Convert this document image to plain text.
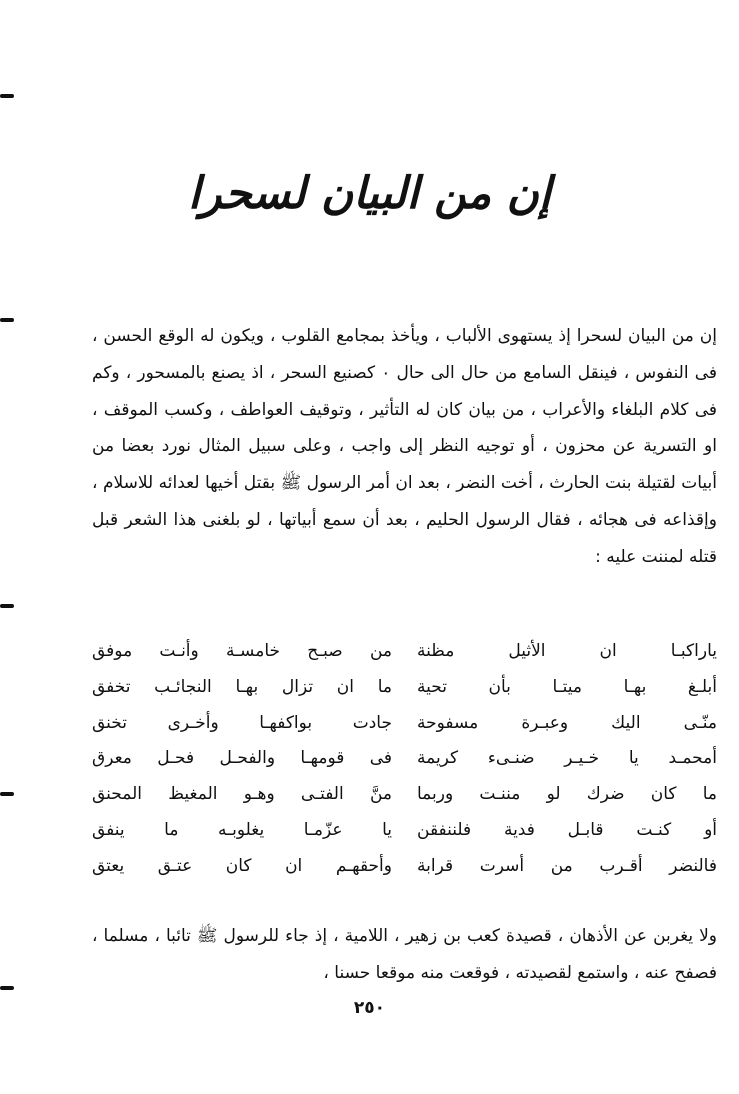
إن من البيان لسحرا
إن من البيان لسحرا إذ يستهوى الألباب ، ويأخذ بمجامع القلوب ، ويكون له الوقع الحسن ، فى النفوس ، فينقل السامع من حال الى حال ٠ كصنيع السحر ، اذ يصنع بالمسحور ، وكم فى كلام البلغاء والأعراب ، من بيان كان له التأثير ، وتوقيف العواطف ، وكسب الموقف ، او التسرية عن محزون ، أو توجيه النظر إلى واجب ، وعلى سبيل المثال نورد بعضا من أبيات لقتيلة بنت الحارث ، أخت النضر ، بعد ان أمر الرسول ﷺ بقتل أخيها لعدائه للاسلام ، وإقذاعه فى هجائه ، فقال الرسول الحليم ، بعد أن سمع أبياتها ، لو بلغنى هذا الشعر قبل قتله لمننت عليه :
ياراكبـا ان الأثيل مظنة
من صبـح خامسـة وأنـت موفق
أبلـغ بهـا ميتـا بأن تحية
ما ان تزال بهـا النجائـب تخفق
منّـى اليك وعبـرة مسفوحة
جادت بواكفهـا وأخـرى تخنق
أمحمـد يا خـيـر ضنـىء كريمة
فى قومهـا والفحـل فحـل معرق
ما كان ضرك لو مننـت وربما
منَّ الفتـى وهـو المغيظ المحنق
أو كنـت قابـل فدية فلننفقن
يا عزّمـا يغلوبـه ما ينفق
فالنضر أقـرب من أسرت قرابة
وأحقهـم ان كان عتـق يعتق
ولا يغربن عن الأذهان ، قصيدة كعب بن زهير ، اللامية ، إذ جاء للرسول ﷺ تائبا ، مسلما ، فصفح عنه ، واستمع لقصيدته ، فوقعت منه موقعا حسنا ،
٢٥٠
